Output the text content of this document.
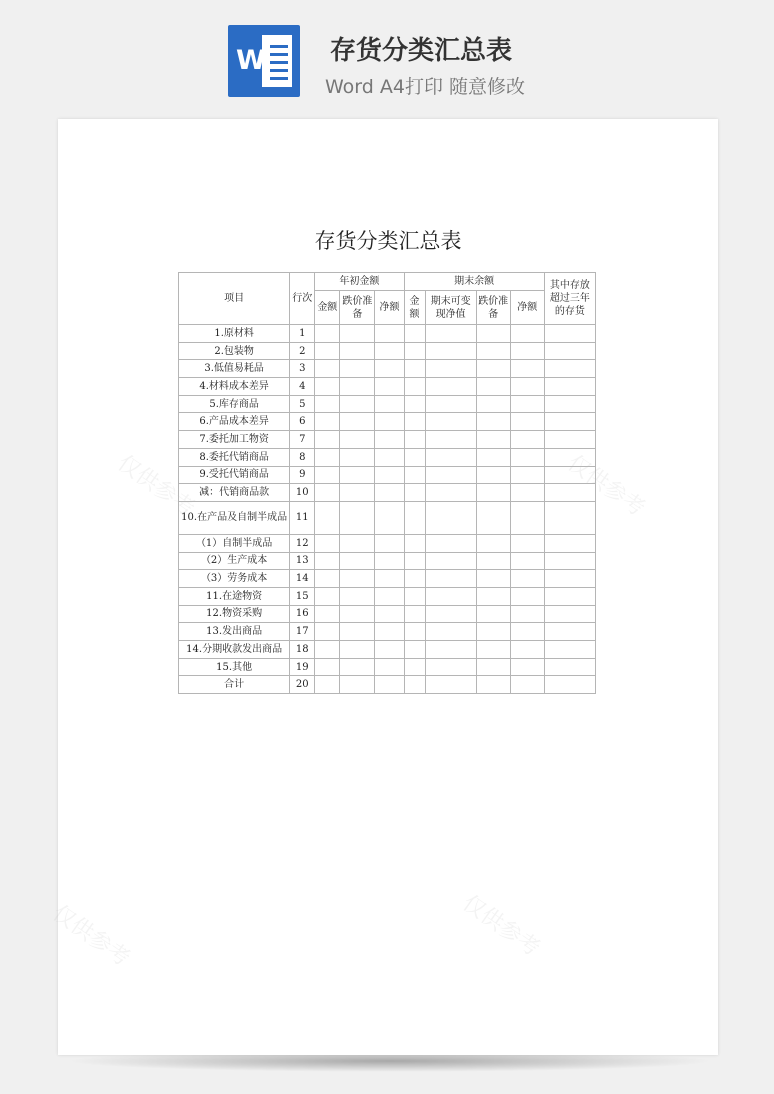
W 存货分类汇总表
Word A4打印 随意修改
仅供参考	仅供参考
仅供参考	仅供参考
存货分类汇总表
项目	行次	年初金额			期末余额				其中存放超过三年的存货
		金额	跌价准备	净额	金额	期末可变现净值	跌价准备	净额	
1.原材料	1								
2.包装物	2								
3.低值易耗品	3								
4.材料成本差异	4								
5.库存商品	5								
6.产品成本差异	6								
7.委托加工物资	7								
8.委托代销商品	8								
9.受托代销商品	9								
减：代销商品款	10								
10.在产品及自制半成品	11								
（1）自制半成品	12								
（2）生产成本	13								
（3）劳务成本	14								
11.在途物资	15								
12.物资采购	16								
13.发出商品	17								
14.分期收款发出商品	18								
15.其他	19								
合计	20								
